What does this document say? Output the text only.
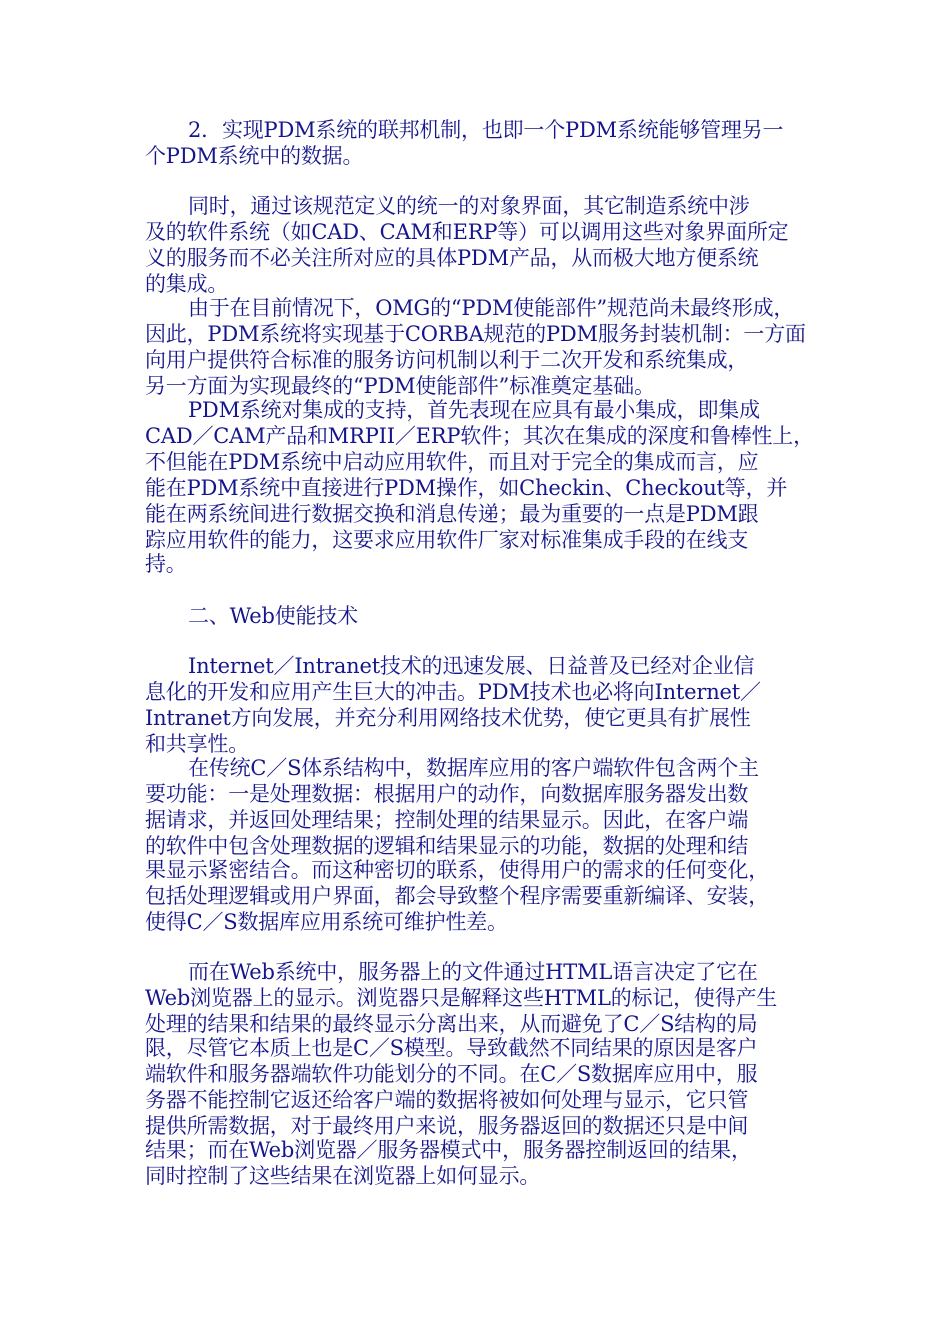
2．实现PDM系统的联邦机制，也即一个PDM系统能够管理另一

个PDM系统中的数据。

同时，通过该规范定义的统一的对象界面，其它制造系统中涉

及的软件系统（如CAD、CAM和ERP等）可以调用这些对象界面所定

义的服务而不必关注所对应的具体PDM产品，从而极大地方便系统

的集成。

由于在目前情况下，OMG的“PDM使能部件”规范尚未最终形成，

因此，PDM系统将实现基于CORBA规范的PDM服务封装机制：一方面

向用户提供符合标准的服务访问机制以利于二次开发和系统集成，

另一方面为实现最终的“PDM使能部件”标准奠定基础。

PDM系统对集成的支持，首先表现在应具有最小集成，即集成

CAD／CAM产品和MRPII／ERP软件；其次在集成的深度和鲁棒性上，

不但能在PDM系统中启动应用软件，而且对于完全的集成而言，应

能在PDM系统中直接进行PDM操作，如Checkin、Checkout等，并

能在两系统间进行数据交换和消息传递；最为重要的一点是PDM跟

踪应用软件的能力，这要求应用软件厂家对标准集成手段的在线支

持。

二、Web使能技术

Internet／Intranet技术的迅速发展、日益普及已经对企业信

息化的开发和应用产生巨大的冲击。PDM技术也必将向Internet／

Intranet方向发展，并充分利用网络技术优势，使它更具有扩展性

和共享性。

在传统C／S体系结构中，数据库应用的客户端软件包含两个主

要功能：一是处理数据：根据用户的动作，向数据库服务器发出数

据请求，并返回处理结果；控制处理的结果显示。因此，在客户端

的软件中包含处理数据的逻辑和结果显示的功能，数据的处理和结

果显示紧密结合。而这种密切的联系，使得用户的需求的任何变化，

包括处理逻辑或用户界面，都会导致整个程序需要重新编译、安装，

使得C／S数据库应用系统可维护性差。

而在Web系统中，服务器上的文件通过HTML语言决定了它在

Web浏览器上的显示。浏览器只是解释这些HTML的标记，使得产生

处理的结果和结果的最终显示分离出来，从而避免了C／S结构的局

限，尽管它本质上也是C／S模型。导致截然不同结果的原因是客户

端软件和服务器端软件功能划分的不同。在C／S数据库应用中，服

务器不能控制它返还给客户端的数据将被如何处理与显示，它只管

提供所需数据，对于最终用户来说，服务器返回的数据还只是中间

结果；而在Web浏览器／服务器模式中，服务器控制返回的结果，

同时控制了这些结果在浏览器上如何显示。
